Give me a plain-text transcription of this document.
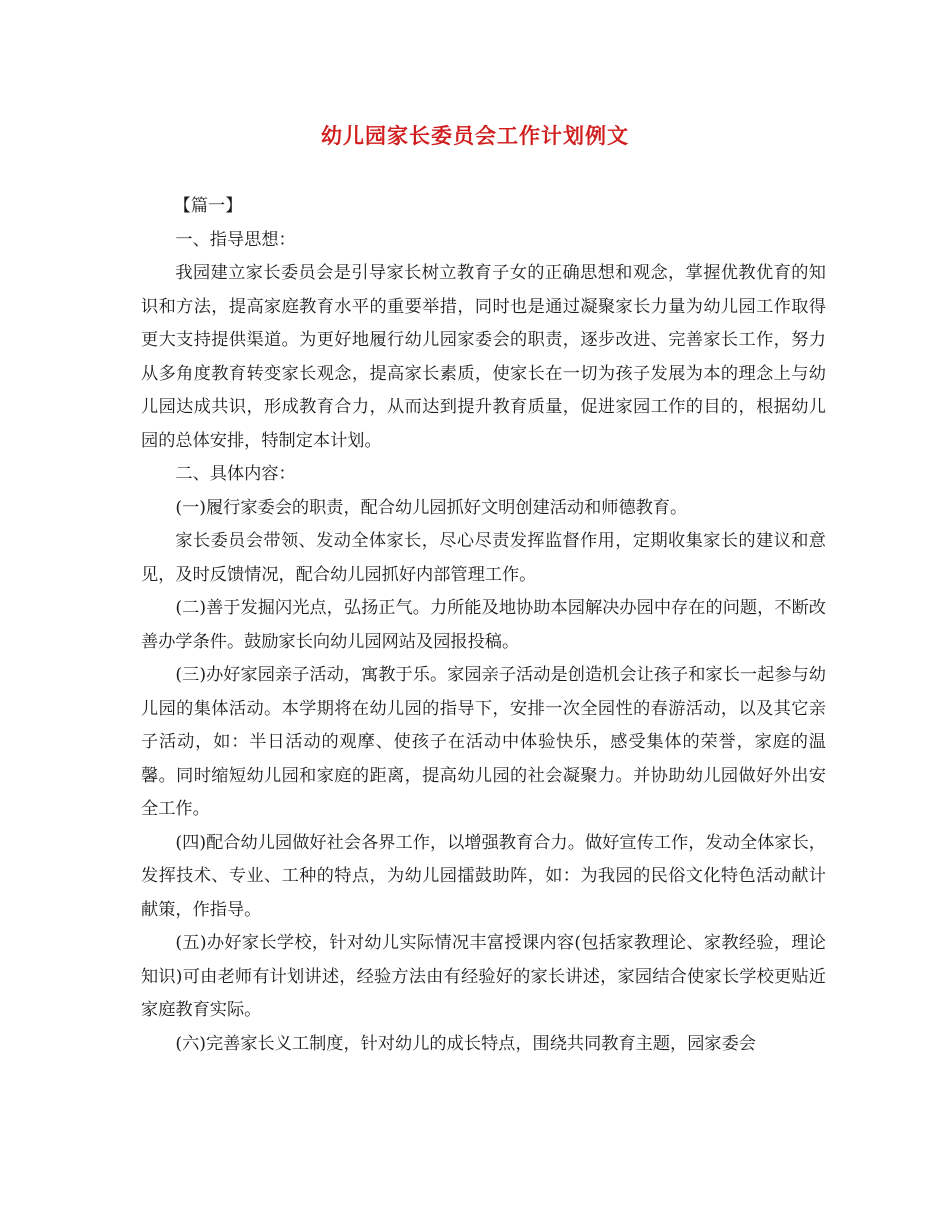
幼儿园家长委员会工作计划例文

【篇一】

一、指导思想：

我园建立家长委员会是引导家长树立教育子女的正确思想和观念，掌握优教优育的知识和方法，提高家庭教育水平的重要举措，同时也是通过凝聚家长力量为幼儿园工作取得更大支持提供渠道。为更好地履行幼儿园家委会的职责，逐步改进、完善家长工作，努力从多角度教育转变家长观念，提高家长素质，使家长在一切为孩子发展为本的理念上与幼儿园达成共识，形成教育合力，从而达到提升教育质量，促进家园工作的目的，根据幼儿园的总体安排，特制定本计划。

二、具体内容：

(一)履行家委会的职责，配合幼儿园抓好文明创建活动和师德教育。

家长委员会带领、发动全体家长，尽心尽责发挥监督作用，定期收集家长的建议和意见，及时反馈情况，配合幼儿园抓好内部管理工作。

(二)善于发掘闪光点，弘扬正气。力所能及地协助本园解决办园中存在的问题，不断改善办学条件。鼓励家长向幼儿园网站及园报投稿。

(三)办好家园亲子活动，寓教于乐。家园亲子活动是创造机会让孩子和家长一起参与幼儿园的集体活动。本学期将在幼儿园的指导下，安排一次全园性的春游活动，以及其它亲子活动，如：半日活动的观摩、使孩子在活动中体验快乐，感受集体的荣誉，家庭的温馨。同时缩短幼儿园和家庭的距离，提高幼儿园的社会凝聚力。并协助幼儿园做好外出安全工作。

(四)配合幼儿园做好社会各界工作，以增强教育合力。做好宣传工作，发动全体家长，发挥技术、专业、工种的特点，为幼儿园擂鼓助阵，如：为我园的民俗文化特色活动献计献策，作指导。

(五)办好家长学校，针对幼儿实际情况丰富授课内容(包括家教理论、家教经验，理论知识)可由老师有计划讲述，经验方法由有经验好的家长讲述，家园结合使家长学校更贴近家庭教育实际。

(六)完善家长义工制度，针对幼儿的成长特点，围绕共同教育主题，园家委会
